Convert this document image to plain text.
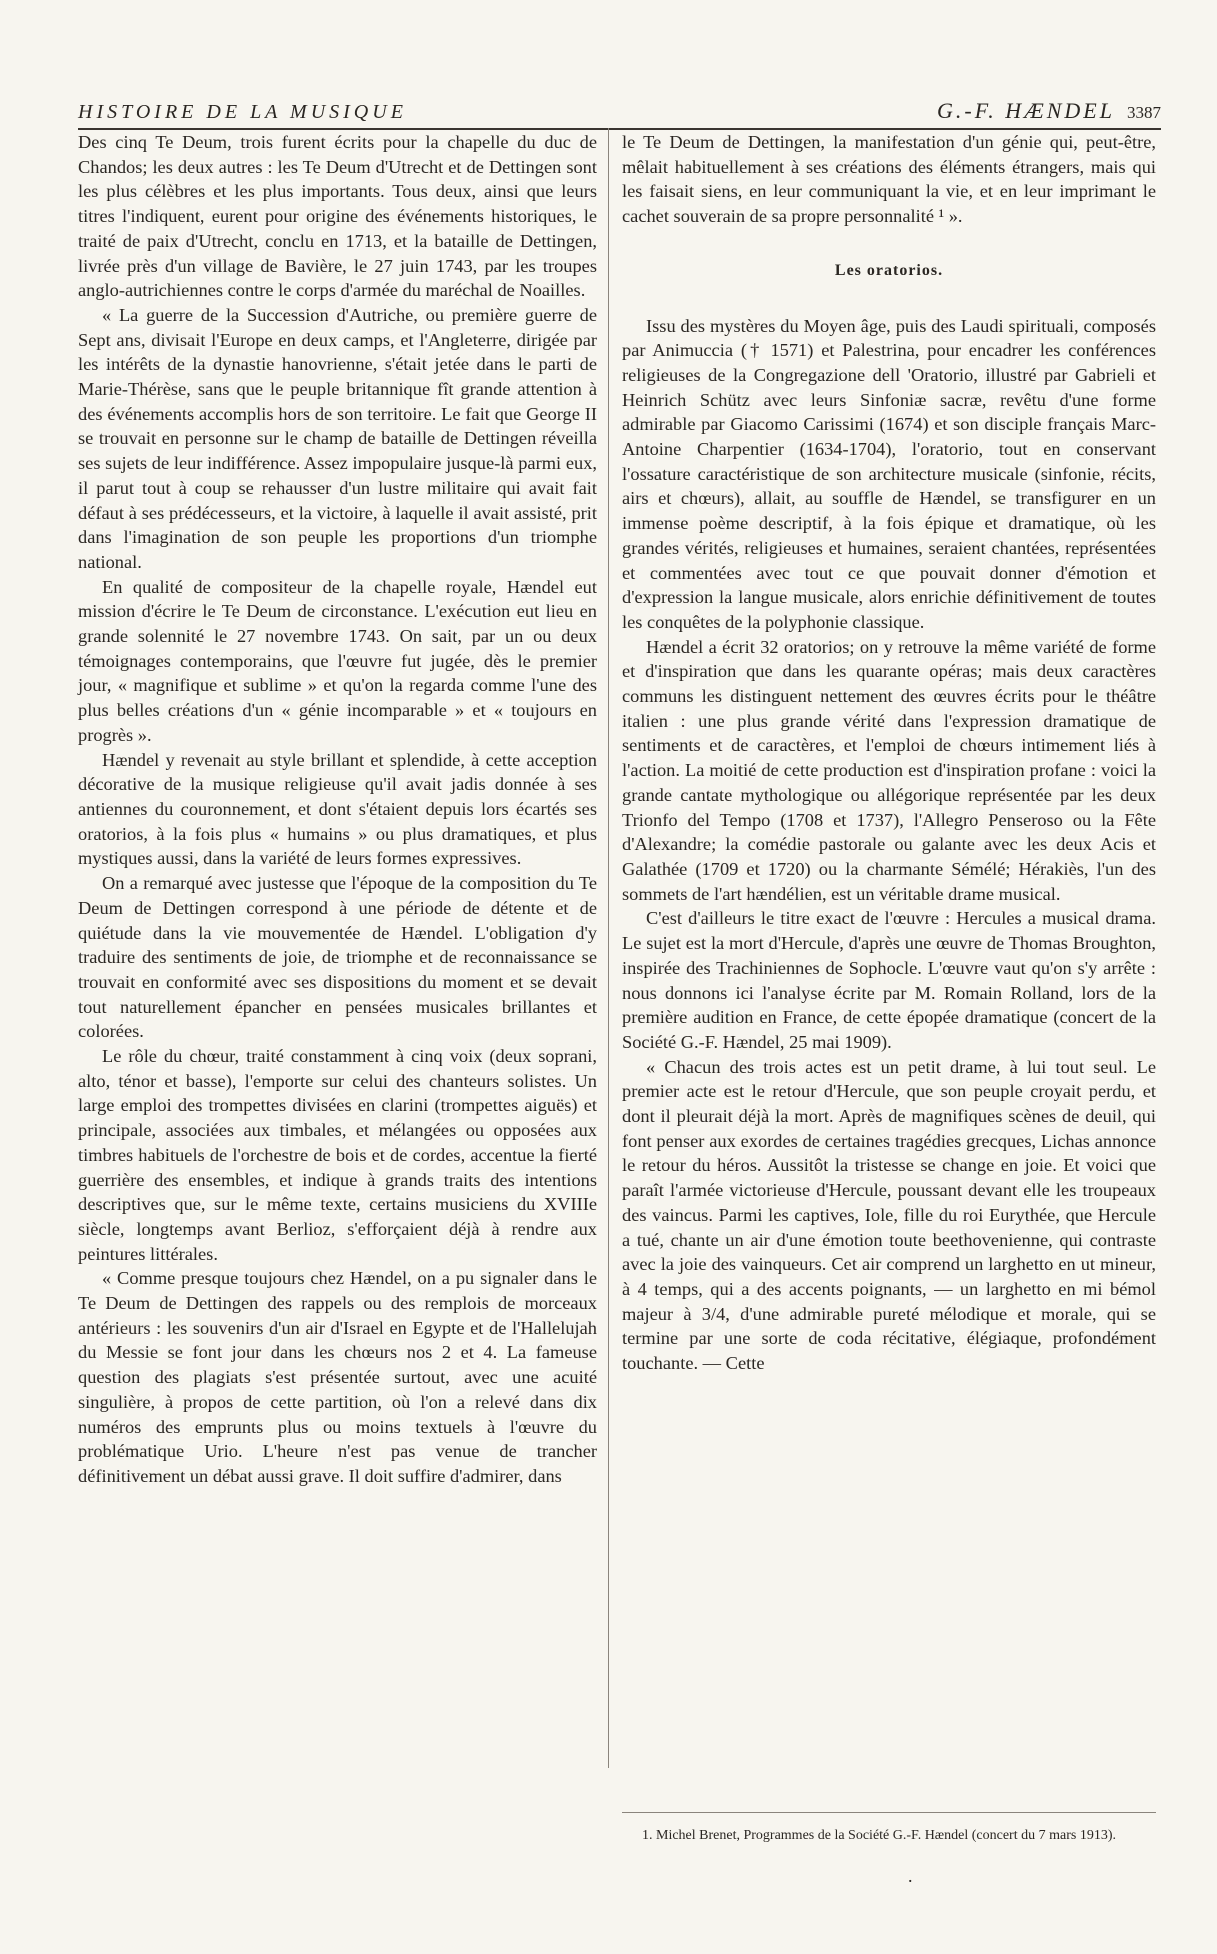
HISTOIRE DE LA MUSIQUE	G.-F. HÆNDEL 3387

Des cinq Te Deum, trois furent écrits pour la chapelle du duc de Chandos; les deux autres : les Te Deum d'Utrecht et de Dettingen sont les plus célèbres et les plus importants. Tous deux, ainsi que leurs titres l'indiquent, eurent pour origine des événements historiques, le traité de paix d'Utrecht, conclu en 1713, et la bataille de Dettingen, livrée près d'un village de Bavière, le 27 juin 1743, par les troupes anglo-autrichiennes contre le corps d'armée du maréchal de Noailles.

« La guerre de la Succession d'Autriche, ou première guerre de Sept ans, divisait l'Europe en deux camps, et l'Angleterre, dirigée par les intérêts de la dynastie hanovrienne, s'était jetée dans le parti de Marie-Thérèse, sans que le peuple britannique fît grande attention à des événements accomplis hors de son territoire. Le fait que George II se trouvait en personne sur le champ de bataille de Dettingen réveilla ses sujets de leur indifférence. Assez impopulaire jusque-là parmi eux, il parut tout à coup se rehausser d'un lustre militaire qui avait fait défaut à ses prédécesseurs, et la victoire, à laquelle il avait assisté, prit dans l'imagination de son peuple les proportions d'un triomphe national.

En qualité de compositeur de la chapelle royale, Hændel eut mission d'écrire le Te Deum de circonstance. L'exécution eut lieu en grande solennité le 27 novembre 1743. On sait, par un ou deux témoignages contemporains, que l'œuvre fut jugée, dès le premier jour, « magnifique et sublime » et qu'on la regarda comme l'une des plus belles créations d'un « génie incomparable » et « toujours en progrès ».

Hændel y revenait au style brillant et splendide, à cette acception décorative de la musique religieuse qu'il avait jadis donnée à ses antiennes du couronnement, et dont s'étaient depuis lors écartés ses oratorios, à la fois plus « humains » ou plus dramatiques, et plus mystiques aussi, dans la variété de leurs formes expressives.

On a remarqué avec justesse que l'époque de la composition du Te Deum de Dettingen correspond à une période de détente et de quiétude dans la vie mouvementée de Hændel. L'obligation d'y traduire des sentiments de joie, de triomphe et de reconnaissance se trouvait en conformité avec ses dispositions du moment et se devait tout naturellement épancher en pensées musicales brillantes et colorées.

Le rôle du chœur, traité constamment à cinq voix (deux soprani, alto, ténor et basse), l'emporte sur celui des chanteurs solistes. Un large emploi des trompettes divisées en clarini (trompettes aiguës) et principale, associées aux timbales, et mélangées ou opposées aux timbres habituels de l'orchestre de bois et de cordes, accentue la fierté guerrière des ensembles, et indique à grands traits des intentions descriptives que, sur le même texte, certains musiciens du XVIIIe siècle, longtemps avant Berlioz, s'efforçaient déjà à rendre aux peintures littérales.

« Comme presque toujours chez Hændel, on a pu signaler dans le Te Deum de Dettingen des rappels ou des remplois de morceaux antérieurs : les souvenirs d'un air d'Israel en Egypte et de l'Hallelujah du Messie se font jour dans les chœurs nos 2 et 4. La fameuse question des plagiats s'est présentée surtout, avec une acuité singulière, à propos de cette partition, où l'on a relevé dans dix numéros des emprunts plus ou moins textuels à l'œuvre du problématique Urio. L'heure n'est pas venue de trancher définitivement un débat aussi grave. Il doit suffire d'admirer, dans

le Te Deum de Dettingen, la manifestation d'un génie qui, peut-être, mêlait habituellement à ses créations des éléments étrangers, mais qui les faisait siens, en leur communiquant la vie, et en leur imprimant le cachet souverain de sa propre personnalité ¹ ».

Les oratorios.

Issu des mystères du Moyen âge, puis des Laudi spirituali, composés par Animuccia († 1571) et Palestrina, pour encadrer les conférences religieuses de la Congregazione dell 'Oratorio, illustré par Gabrieli et Heinrich Schütz avec leurs Sinfoniæ sacræ, revêtu d'une forme admirable par Giacomo Carissimi (1674) et son disciple français Marc-Antoine Charpentier (1634-1704), l'oratorio, tout en conservant l'ossature caractéristique de son architecture musicale (sinfonie, récits, airs et chœurs), allait, au souffle de Hændel, se transfigurer en un immense poème descriptif, à la fois épique et dramatique, où les grandes vérités, religieuses et humaines, seraient chantées, représentées et commentées avec tout ce que pouvait donner d'émotion et d'expression la langue musicale, alors enrichie définitivement de toutes les conquêtes de la polyphonie classique.

Hændel a écrit 32 oratorios; on y retrouve la même variété de forme et d'inspiration que dans les quarante opéras; mais deux caractères communs les distinguent nettement des œuvres écrits pour le théâtre italien : une plus grande vérité dans l'expression dramatique de sentiments et de caractères, et l'emploi de chœurs intimement liés à l'action. La moitié de cette production est d'inspiration profane : voici la grande cantate mythologique ou allégorique représentée par les deux Trionfo del Tempo (1708 et 1737), l'Allegro Penseroso ou la Fête d'Alexandre; la comédie pastorale ou galante avec les deux Acis et Galathée (1709 et 1720) ou la charmante Sémélé; Hérakiès, l'un des sommets de l'art hændélien, est un véritable drame musical.

C'est d'ailleurs le titre exact de l'œuvre : Hercules a musical drama. Le sujet est la mort d'Hercule, d'après une œuvre de Thomas Broughton, inspirée des Trachiniennes de Sophocle. L'œuvre vaut qu'on s'y arrête : nous donnons ici l'analyse écrite par M. Romain Rolland, lors de la première audition en France, de cette épopée dramatique (concert de la Société G.-F. Hændel, 25 mai 1909).

« Chacun des trois actes est un petit drame, à lui tout seul. Le premier acte est le retour d'Hercule, que son peuple croyait perdu, et dont il pleurait déjà la mort. Après de magnifiques scènes de deuil, qui font penser aux exordes de certaines tragédies grecques, Lichas annonce le retour du héros. Aussitôt la tristesse se change en joie. Et voici que paraît l'armée victorieuse d'Hercule, poussant devant elle les troupeaux des vaincus. Parmi les captives, Iole, fille du roi Eurythée, que Hercule a tué, chante un air d'une émotion toute beethovenienne, qui contraste avec la joie des vainqueurs. Cet air comprend un larghetto en ut mineur, à 4 temps, qui a des accents poignants, — un larghetto en mi bémol majeur à 3/4, d'une admirable pureté mélodique et morale, qui se termine par une sorte de coda récitative, élégiaque, profondément touchante. — Cette

1. Michel Brenet, Programmes de la Société G.-F. Hændel (concert du 7 mars 1913).
.
